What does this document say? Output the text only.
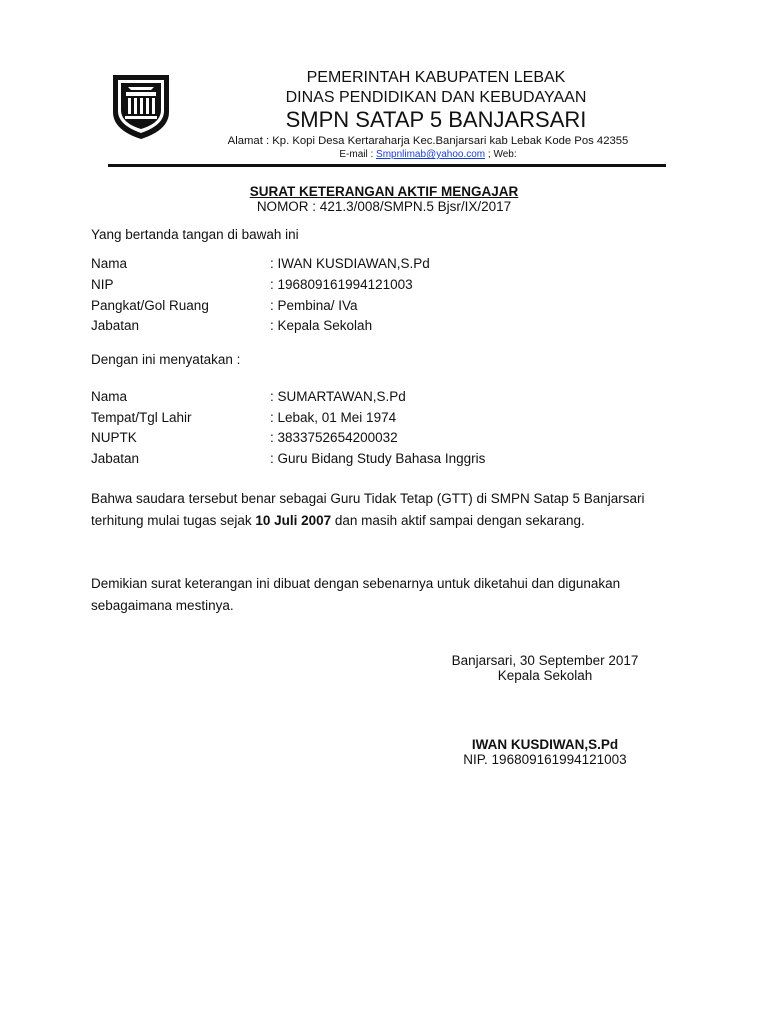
PEMERINTAH KABUPATEN LEBAK
DINAS PENDIDIKAN DAN KEBUDAYAAN
SMPN SATAP 5 BANJARSARI
Alamat : Kp. Kopi Desa Kertaraharja Kec.Banjarsari kab Lebak Kode Pos 42355
E-mail : Smpnlimab@yahoo.com ; Web:
SURAT KETERANGAN AKTIF MENGAJAR
NOMOR : 421.3/008/SMPN.5 Bjsr/IX/2017
Yang bertanda tangan di bawah ini
Nama	: IWAN KUSDIAWAN,S.Pd
NIP	: 196809161994121003
Pangkat/Gol Ruang	: Pembina/ IVa
Jabatan	: Kepala Sekolah
Dengan ini menyatakan :
Nama	: SUMARTAWAN,S.Pd
Tempat/Tgl Lahir	: Lebak, 01 Mei 1974
NUPTK	: 3833752654200032
Jabatan	: Guru Bidang Study Bahasa Inggris
Bahwa saudara tersebut benar sebagai Guru Tidak Tetap (GTT) di SMPN Satap 5 Banjarsari terhitung mulai tugas sejak 10 Juli 2007 dan masih aktif sampai dengan sekarang.
Demikian surat keterangan ini dibuat dengan sebenarnya untuk diketahui dan digunakan sebagaimana mestinya.
Banjarsari, 30 September 2017
Kepala Sekolah
IWAN KUSDIWAN,S.Pd
NIP. 196809161994121003
